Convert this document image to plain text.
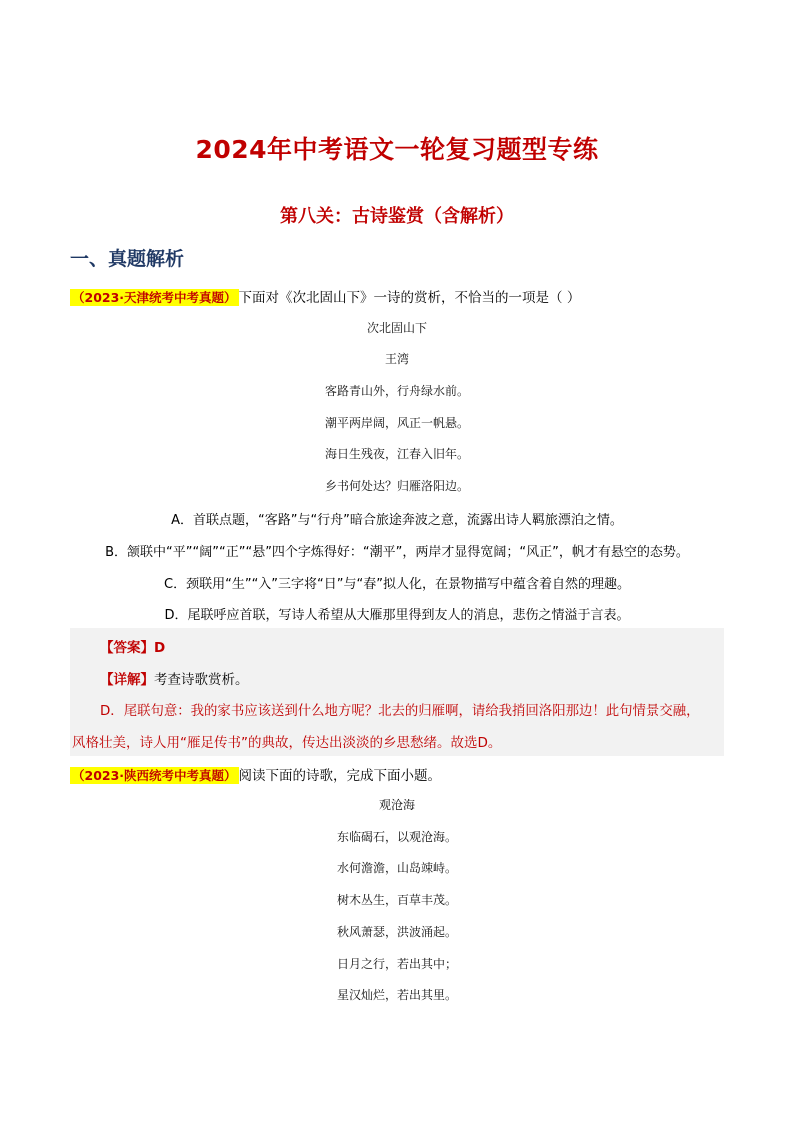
2024年中考语文一轮复习题型专练
第八关：古诗鉴赏（含解析）
一、真题解析
（2023·天津统考中考真题） 下面对《次北固山下》一诗的赏析，不恰当的一项是（ ）
次北固山下
王湾
客路青山外，行舟绿水前。
潮平两岸阔，风正一帆悬。
海日生残夜，江春入旧年。
乡书何处达？归雁洛阳边。
A．首联点题，“客路”与“行舟”暗合旅途奔波之意，流露出诗人羁旅漂泊之情。
B．颔联中“平”“阔”“正”“悬”四个字炼得好：“潮平”，两岸才显得宽阔；“风正”，帆才有悬空的态势。
C．颈联用“生”“入”三字将“日”与“春”拟人化，在景物描写中蕴含着自然的理趣。
D．尾联呼应首联，写诗人希望从大雁那里得到友人的消息，悲伤之情溢于言表。
【答案】D
【详解】考查诗歌赏析。
D．尾联句意：我的家书应该送到什么地方呢？北去的归雁啊，请给我捎回洛阳那边！此句情景交融，
风格壮美，诗人用“雁足传书”的典故，传达出淡淡的乡思愁绪。故选D。
（2023·陕西统考中考真题） 阅读下面的诗歌，完成下面小题。
观沧海
东临碣石，以观沧海。
水何澹澹，山岛竦峙。
树木丛生，百草丰茂。
秋风萧瑟，洪波涌起。
日月之行，若出其中；
星汉灿烂，若出其里。
